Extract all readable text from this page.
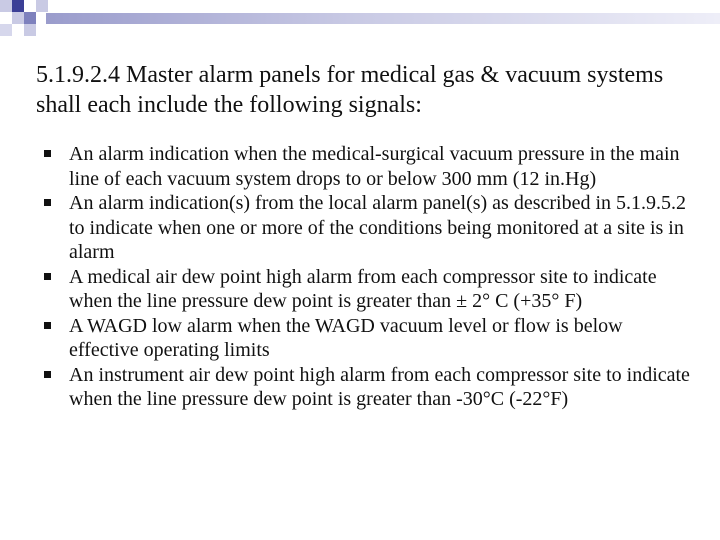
5.1.9.2.4 Master alarm panels for medical gas & vacuum systems shall each include the following signals:
An alarm indication when the medical-surgical vacuum pressure in the main line of each vacuum system drops to or below 300 mm (12 in.Hg)
An alarm indication(s) from the local alarm panel(s) as described in 5.1.9.5.2 to indicate when one or more of the conditions being monitored at a site is in alarm
A medical air dew point high alarm from each compressor site to indicate when the line pressure dew point is greater than ± 2° C (+35° F)
A WAGD low alarm when the WAGD vacuum level or flow is below effective operating limits
An instrument air dew point high alarm from each compressor site to indicate when the line pressure dew point is greater than -30°C (-22°F)
